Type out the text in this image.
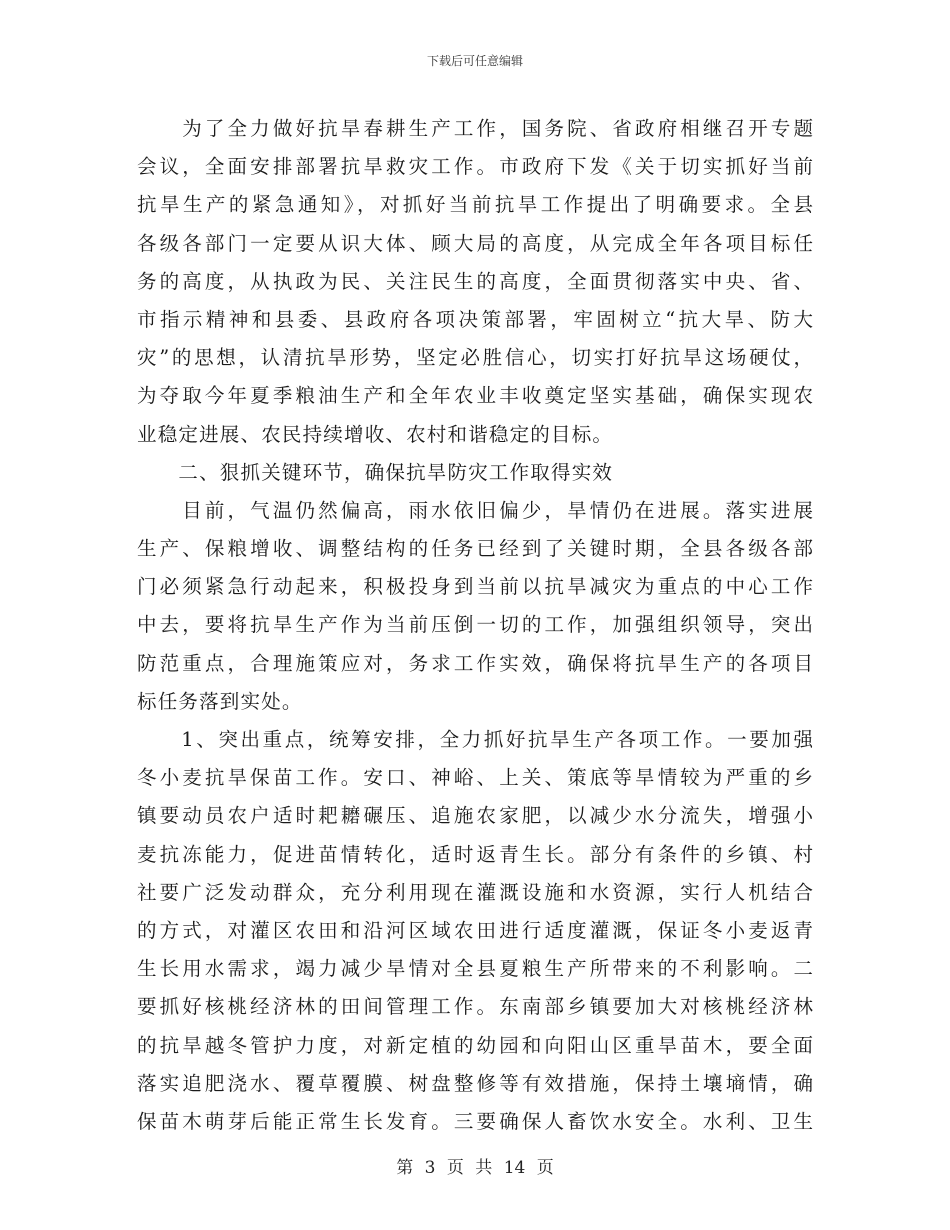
下载后可任意编辑
　　为了全力做好抗旱春耕生产工作，国务院、省政府相继召开专题
会议，全面安排部署抗旱救灾工作。市政府下发《关于切实抓好当前
抗旱生产的紧急通知》，对抓好当前抗旱工作提出了明确要求。全县
各级各部门一定要从识大体、顾大局的高度，从完成全年各项目标任
务的高度，从执政为民、关注民生的高度，全面贯彻落实中央、省、
市指示精神和县委、县政府各项决策部署，牢固树立“抗大旱、防大
灾”的思想，认清抗旱形势，坚定必胜信心，切实打好抗旱这场硬仗，
为夺取今年夏季粮油生产和全年农业丰收奠定坚实基础，确保实现农
业稳定进展、农民持续增收、农村和谐稳定的目标。
　　二、狠抓关键环节，确保抗旱防灾工作取得实效
　　目前，气温仍然偏高，雨水依旧偏少，旱情仍在进展。落实进展
生产、保粮增收、调整结构的任务已经到了关键时期，全县各级各部
门必须紧急行动起来，积极投身到当前以抗旱减灾为重点的中心工作
中去，要将抗旱生产作为当前压倒一切的工作，加强组织领导，突出
防范重点，合理施策应对，务求工作实效，确保将抗旱生产的各项目
标任务落到实处。
　　1、突出重点，统筹安排，全力抓好抗旱生产各项工作。一要加强
冬小麦抗旱保苗工作。安口、神峪、上关、策底等旱情较为严重的乡
镇要动员农户适时耙耱碾压、追施农家肥，以减少水分流失，增强小
麦抗冻能力，促进苗情转化，适时返青生长。部分有条件的乡镇、村
社要广泛发动群众，充分利用现在灌溉设施和水资源，实行人机结合
的方式，对灌区农田和沿河区域农田进行适度灌溉，保证冬小麦返青
生长用水需求，竭力减少旱情对全县夏粮生产所带来的不利影响。二
要抓好核桃经济林的田间管理工作。东南部乡镇要加大对核桃经济林
的抗旱越冬管护力度，对新定植的幼园和向阳山区重旱苗木，要全面
落实追肥浇水、覆草覆膜、树盘整修等有效措施，保持土壤墒情，确
保苗木萌芽后能正常生长发育。三要确保人畜饮水安全。水利、卫生
第 3 页 共 14 页
